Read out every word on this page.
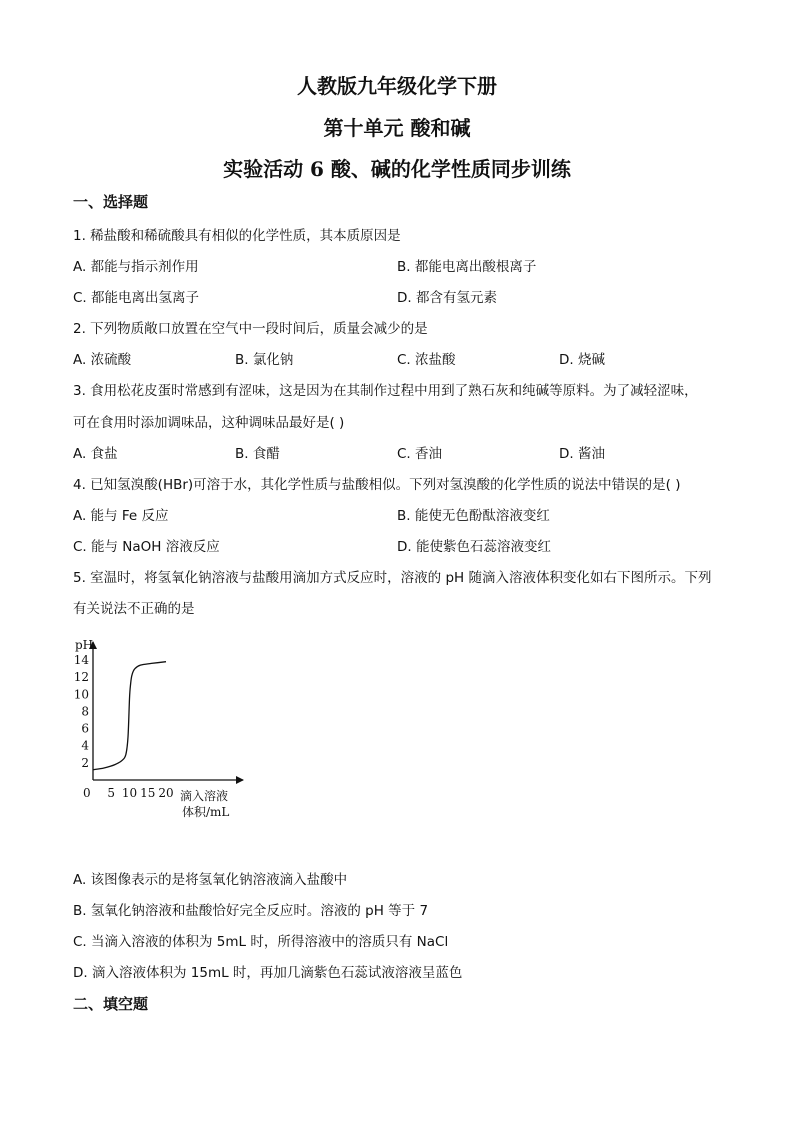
人教版九年级化学下册
第十单元 酸和碱
实验活动 6 酸、碱的化学性质同步训练
一、选择题
1. 稀盐酸和稀硫酸具有相似的化学性质，其本质原因是
A. 都能与指示剂作用	B. 都能电离出酸根离子
C. 都能电离出氢离子	D. 都含有氢元素
2. 下列物质敞口放置在空气中一段时间后，质量会减少的是
A. 浓硫酸	B. 氯化钠	C. 浓盐酸	D. 烧碱
3. 食用松花皮蛋时常感到有涩味，这是因为在其制作过程中用到了熟石灰和纯碱等原料。为了减轻涩味，
可在食用时添加调味品，这种调味品最好是( )
A. 食盐	B. 食醋	C. 香油	D. 酱油
4. 已知氢溴酸(HBr)可溶于水，其化学性质与盐酸相似。下列对氢溴酸的化学性质的说法中错误的是( )
A. 能与 Fe 反应	B. 能使无色酚酞溶液变红
C. 能与 NaOH 溶液反应	D. 能使紫色石蕊溶液变红
5. 室温时，将氢氧化钠溶液与盐酸用滴加方式反应时，溶液的 pH 随滴入溶液体积变化如右下图所示。下列
有关说法不正确的是
pH
0	滴入溶液
体积/mL
2
4
6
8
10
12
14
5 10 15 20
A. 该图像表示的是将氢氧化钠溶液滴入盐酸中
B. 氢氧化钠溶液和盐酸恰好完全反应时。溶液的 pH 等于 7
C. 当滴入溶液的体积为 5mL 时，所得溶液中的溶质只有 NaCl
D. 滴入溶液体积为 15mL 时，再加几滴紫色石蕊试液溶液呈蓝色
二、填空题
